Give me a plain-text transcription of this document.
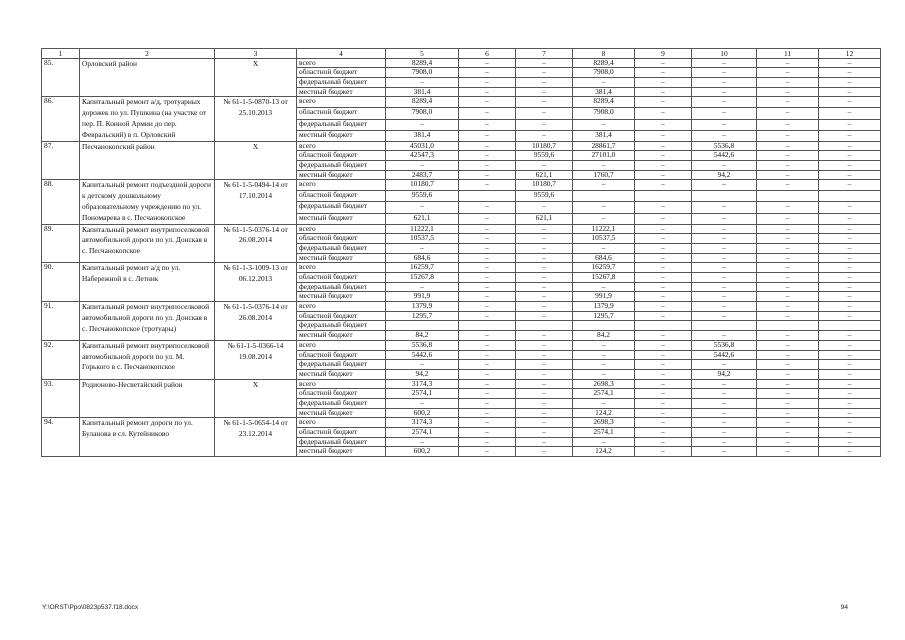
1	2	3	4	5	6	7	8	9	10	11	12
85.	Орловский район	X	всего	8289,4	–	–	8289,4	–	–	–	–
			областной бюджет	7908,0	–	–	7908,0	–	–	–	–
			федеральный бюджет	–	–	–	–	–	–	–	–
			местный бюджет	381,4	–	–	381,4	–	–	–	–
86.	Капитальный ремонт а/д, тротуарных дорожек по ул. Пушкина (на участке от пер. П. Конной Армии до пер. Февральский) в п. Орловский	№ 61-1-5-0870-13 от 25.10.2013	всего	8289,4	–	–	8289,4	–	–	–	–
			областной бюджет	7908,0	–	–	7908,0	–	–	–	–
			федеральный бюджет	–	–	–	–	–	–	–	–
			местный бюджет	381,4	–	–	381,4	–	–	–	–
87.	Песчанокопский район	X	всего	45031,0	–	10180,7	28861,7	–	5536,8	–	–
			областной бюджет	42547,3	–	9559,6	27101,0	–	5442,6	–	–
			федеральный бюджет	–	–	–	–	–	–	–	–
			местный бюджет	2483,7	–	621,1	1760,7	–	94,2	–	–
88.	Капитальный ремонт подъездной дороги к детскому дошкольному образовательному учреждению по ул. Пономарева в с. Песчанокопское	№ 61-1-5-0494-14 от 17.10.2014	всего	10180,7	–	10180,7	–	–	–	–	–
			областной бюджет	9559,6		9559,6					
			федеральный бюджет	–	–	–	–	–	–	–	–
			местный бюджет	621,1	–	621,1	–	–	–	–	–
89.	Капитальный ремонт внутрипоселковой автомобильной дороги по ул. Донская в с. Песчанокопское	№ 61-1-5-0376-14 от 26.08.2014	всего	11222,1	–	–	11222,1	–	–	–	–
			областной бюджет	10537,5	–	–	10537,5	–	–	–	–
			федеральный бюджет	–	–	–	–	–	–	–	–
			местный бюджет	684,6	–	–	684,6	–	–	–	–
90.	Капитальный ремонт а/д по ул. Набережной в с. Летник	№ 61-1-3-1009-13 от 06.12.2013	всего	16259,7	–	–	16259,7	–	–	–	–
			областной бюджет	15267,8	–	–	15267,8	–	–	–	–
			федеральный бюджет	–	–	–	–	–	–	–	–
			местный бюджет	991,9	–	–	991,9	–	–	–	–
91.	Капитальный ремонт внутрипоселковой автомобильной дороги по ул. Донская в с. Песчанокопское (тротуары)	№ 61-1-5-0376-14 от 26.08.2014	всего	1379,9	–	–	1379,9	–	–	–	–
			областной бюджет	1295,7	–	–	1295,7	–	–	–	–
			федеральный бюджет								
			местный бюджет	84,2	–	–	84,2	–	–	–	–
92.	Капитальный ремонт внутрипоселковой автомобильной дороги по ул. М. Горького в с. Песчанокопское	№ 61-1-5-0366-14 19.08.2014	всего	5536,8	–	–	–	–	5536,8	–	–
			областной бюджет	5442,6	–	–	–	–	5442,6	–	–
			федеральный бюджет	–	–	–	–	–	–	–	–
			местный бюджет	94,2	–	–	–	–	94,2	–	–
93.	Родионово-Несветайский район	X	всего	3174,3	–	–	2698,3	–	–	–	–
			областной бюджет	2574,1	–	–	2574,1	–	–	–	–
			федеральный бюджет	–	–	–	–	–	–	–	–
			местный бюджет	600,2	–	–	124,2	–	–	–	–
94.	Капитальный ремонт дороги по ул. Буланова в сл. Кутейниково	№ 61-1-5-0654-14 от 23.12.2014	всего	3174,3	–	–	2698,3	–	–	–	–
			областной бюджет	2574,1	–	–	2574,1	–	–	–	–
			федеральный бюджет	–	–	–	–	–	–	–	–
			местный бюджет	600,2	–	–	124,2	–	–	–	–
Y:\ORST\Ppo\0823p537.f18.docx	94
